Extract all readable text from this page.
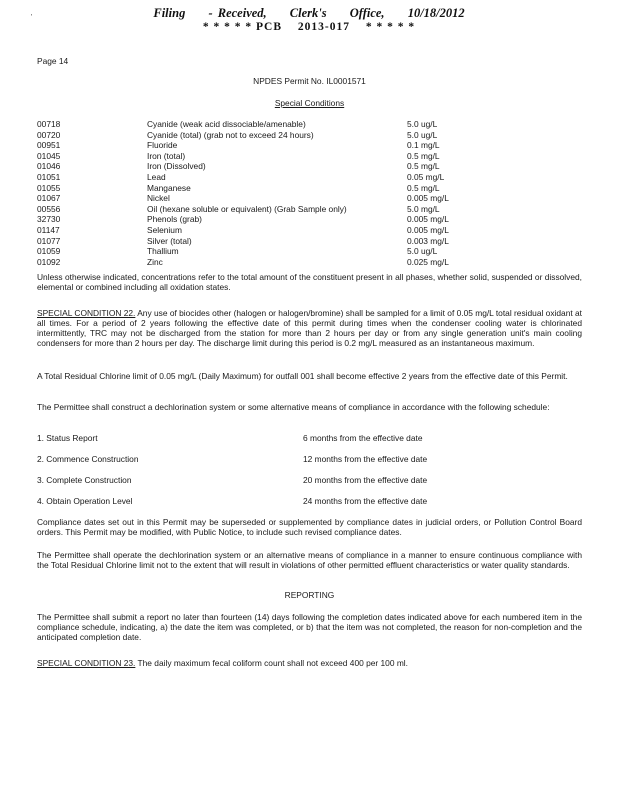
'	Filing - Received, Clerk's Office, 10/18/2012
* * * * * PCB 2013-017 * * * * *
Page 14
NPDES Permit No. IL0001571
Special Conditions
00718	Cyanide (weak acid dissociable/amenable)	5.0 ug/L
00720	Cyanide (total) (grab not to exceed 24 hours)	5.0 ug/L
00951	Fluoride	0.1 mg/L
01045	Iron (total)	0.5 mg/L
01046	Iron (Dissolved)	0.5 mg/L
01051	Lead	0.05 mg/L
01055	Manganese	0.5 mg/L
01067	Nickel	0.005 mg/L
00556	Oil (hexane soluble or equivalent) (Grab Sample only)	5.0 mg/L
32730	Phenols (grab)	0.005 mg/L
01147	Selenium	0.005 mg/L
01077	Silver (total)	0.003 mg/L
01059	Thallium	5.0 ug/L
01092	Zinc	0.025 mg/L
Unless otherwise indicated, concentrations refer to the total amount of the constituent present in all phases, whether solid, suspended or dissolved, elemental or combined including all oxidation states.
SPECIAL CONDITION 22. Any use of biocides other (halogen or halogen/bromine) shall be sampled for a limit of 0.05 mg/L total residual oxidant at all times. For a period of 2 years following the effective date of this permit during times when the condenser cooling water is chlorinated intermittently, TRC may not be discharged from the station for more than 2 hours per day or from any single generation unit's main cooling condensers for more than 2 hours per day. The discharge limit during this period is 0.2 mg/L measured as an instantaneous maximum.
A Total Residual Chlorine limit of 0.05 mg/L (Daily Maximum) for outfall 001 shall become effective 2 years from the effective date of this Permit.
The Permittee shall construct a dechlorination system or some alternative means of compliance in accordance with the following schedule:
1. Status Report	6 months from the effective date
2. Commence Construction	12 months from the effective date
3. Complete Construction	20 months from the effective date
4. Obtain Operation Level	24 months from the effective date
Compliance dates set out in this Permit may be superseded or supplemented by compliance dates in judicial orders, or Pollution Control Board orders. This Permit may be modified, with Public Notice, to include such revised compliance dates.
The Permittee shall operate the dechlorination system or an alternative means of compliance in a manner to ensure continuous compliance with the Total Residual Chlorine limit not to the extent that will result in violations of other permitted effluent characteristics or water quality standards.
REPORTING
The Permittee shall submit a report no later than fourteen (14) days following the completion dates indicated above for each numbered item in the compliance schedule, indicating, a) the date the item was completed, or b) that the item was not completed, the reason for non-completion and the anticipated completion date.
SPECIAL CONDITION 23. The daily maximum fecal coliform count shall not exceed 400 per 100 ml.
